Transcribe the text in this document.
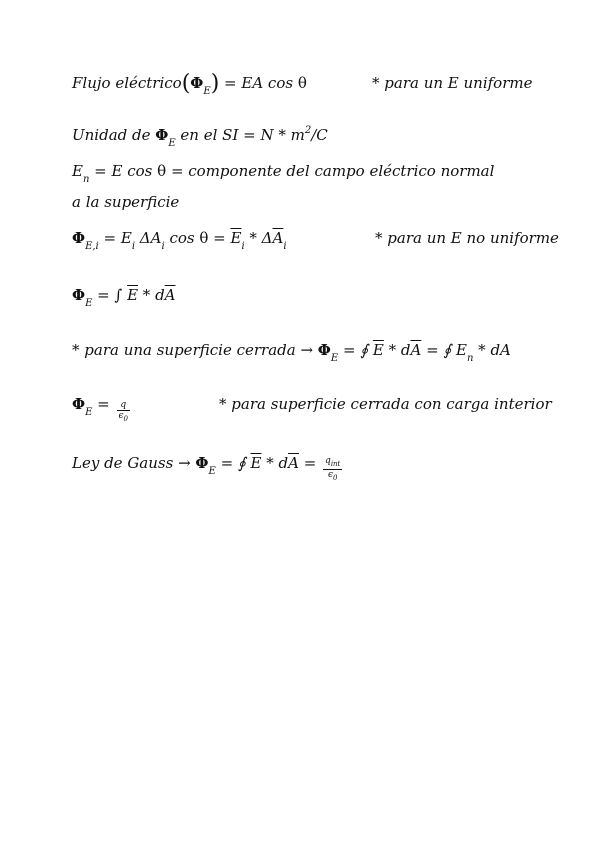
Flujo $eléctrico(\Phi_E)$ = EA cos θ	* para un E uniforme
Unidad de $\Phi_E$ en el SI = N * $m^2/C$
$E_n = E$ cos θ = componente del campo eléctrico normal
a la superficie
$\Phi_{E,i} = E_i$ $\Delta A_i$ $\cos \theta = \overline{E}_i * \Delta\overline{A}_i$	* para un E no uniforme
$\Phi_E$ = ∫ $\overline{E} * d\overline{A}$
* para una superficie cerrada → $\Phi_E$ = ∮ $\overline{E} * d\overline{A}$ = ∮ $E_n$ * dA
$\Phi_E = \frac{q}{\epsilon_0}$	* para superficie cerrada con carga interior
Ley de Gauss → $\Phi_E$ = ∮ $\overline{E} * d\overline{A} = \frac{q_{int}}{\epsilon_0}$
